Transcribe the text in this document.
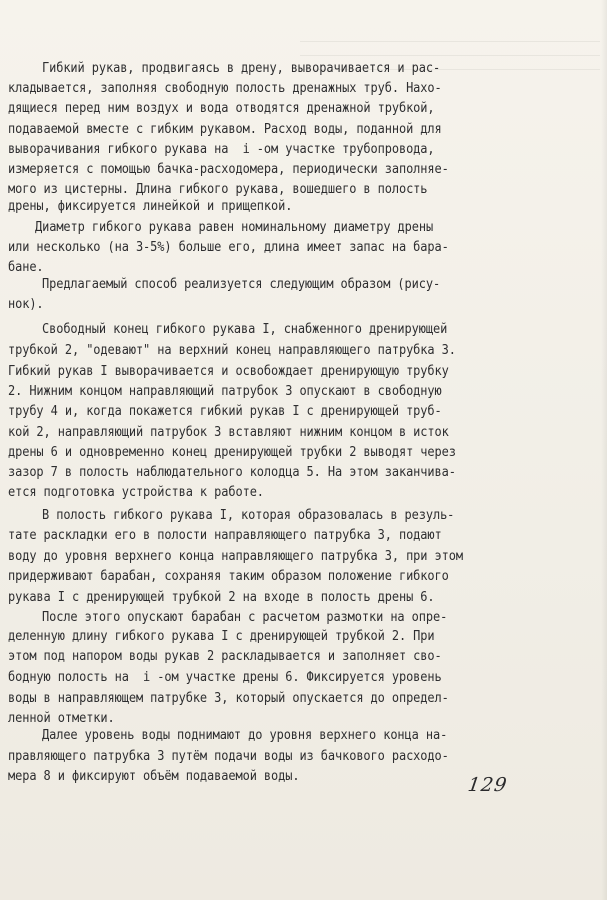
Гибкий рукав, продвигаясь в дрену, выворачивается и рас-
кладывается, заполняя свободную полость дренажных труб. Нахо-
дящиеся перед ним воздух и вода отводятся дренажной трубкой,
подаваемой вместе с гибким рукавом. Расход воды, поданной для
выворачивания гибкого рукава на  i -ом участке трубопровода,
измеряется с помощью бачка-расходомера, периодически заполняе-
мого из цистерны. Длина гибкого рукава, вошедшего в полость
дрены, фиксируется линейкой и прищепкой.
Диаметр гибкого рукава равен номинальному диаметру дрены
или несколько (на 3-5%) больше его, длина имеет запас на бара-
бане.
Предлагаемый способ реализуется следующим образом (рису-
нок).
Свободный конец гибкого рукава I, снабженного дренирующей
трубкой 2, "одевают" на верхний конец направляющего патрубка 3.
Гибкий рукав I выворачивается и освобождает дренирующую трубку
2. Нижним концом направляющий патрубок 3 опускают в свободную
трубу 4 и, когда покажется гибкий рукав I с дренирующей труб-
кой 2, направляющий патрубок 3 вставляют нижним концом в исток
дрены 6 и одновременно конец дренирующей трубки 2 выводят через
зазор 7 в полость наблюдательного колодца 5. На этом заканчива-
ется подготовка устройства к работе.
В полость гибкого рукава I, которая образовалась в резуль-
тате раскладки его в полости направляющего патрубка 3, подают
воду до уровня верхнего конца направляющего патрубка 3, при этом
придерживают барабан, сохраняя таким образом положение гибкого
рукава I с дренирующей трубкой 2 на входе в полость дрены 6.
После этого опускают барабан с расчетом размотки на опре-
деленную длину гибкого рукава I с дренирующей трубкой 2. При
этом под напором воды рукав 2 раскладывается и заполняет сво-
бодную полость на  i -ом участке дрены 6. Фиксируется уровень
воды в направляющем патрубке 3, который опускается до определ-
ленной отметки.
Далее уровень воды поднимают до уровня верхнего конца на-
правляющего патрубка 3 путём подачи воды из бачкового расходо-
мера 8 и фиксируют объём подаваемой воды.	129
